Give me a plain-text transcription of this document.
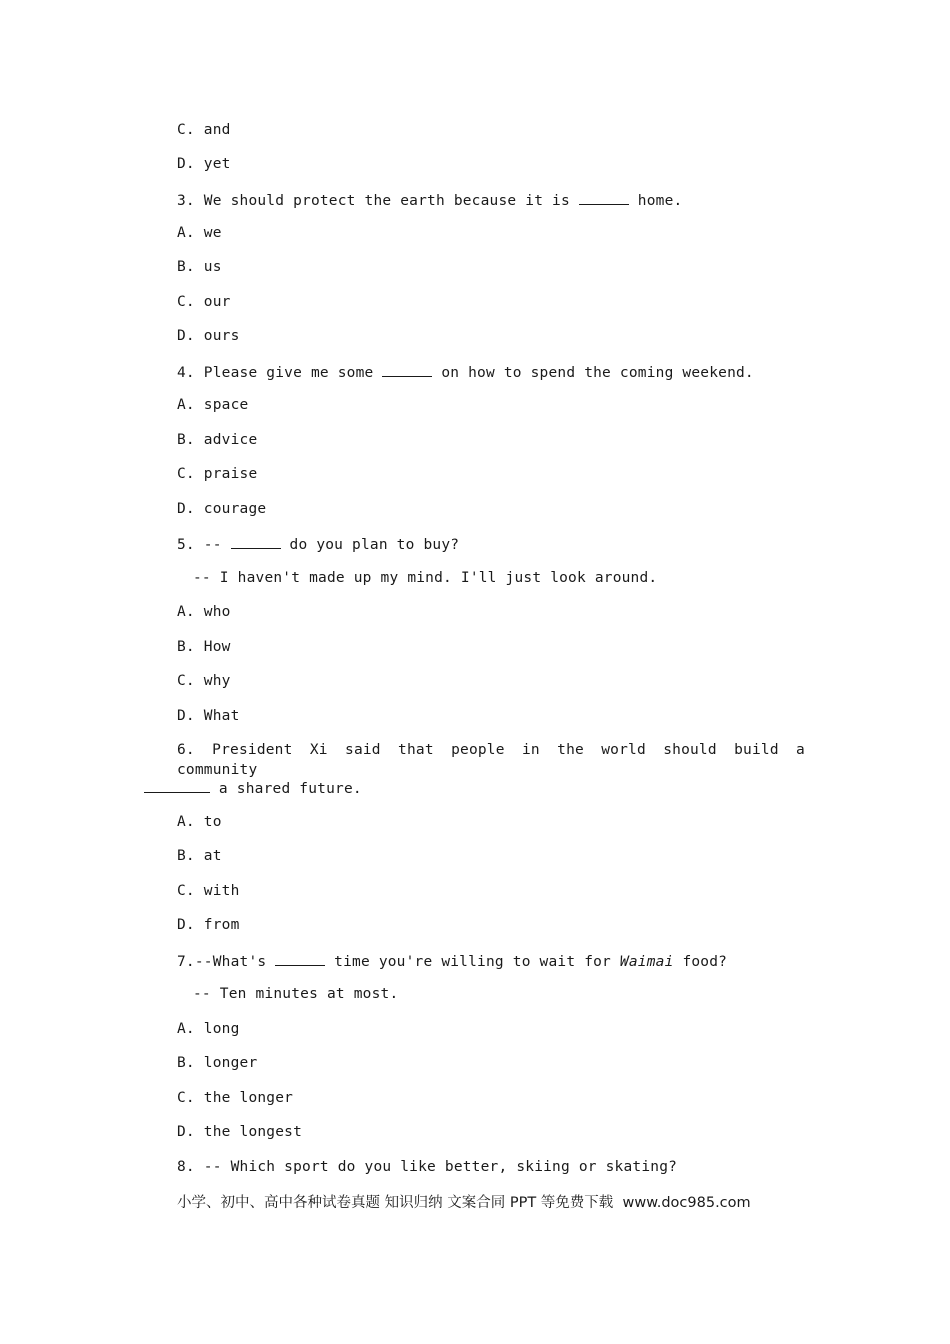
C. and
D. yet
3. We should protect the earth because it is	home.
A. we
B. us
C. our
D. ours
4. Please give me some	on how to spend the coming weekend.
A. space
B. advice
C. praise
D. courage
5. --	do you plan to buy?
-- I haven't made up my mind. I'll just look around.
A. who
B. How
C. why
D. What
6. President Xi said that people in the world should build a community
a shared future.
A. to
B. at
C. with
D. from
7.--What's	time you're willing to wait for Waimai food?
-- Ten minutes at most.
A. long
B. longer
C. the longer
D. the longest
8. -- Which sport do you like better, skiing or skating?
小学、初中、高中各种试卷真题 知识归纳 文案合同 PPT 等免费下载  www.doc985.com
